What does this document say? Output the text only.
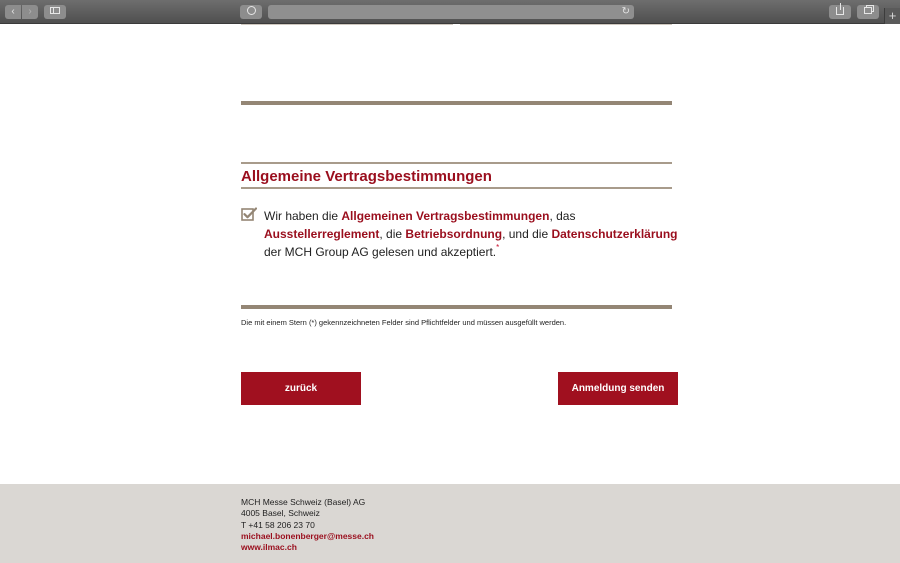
‹	›	↻	+
Allgemeine Vertragsbestimmungen

Wir haben die Allgemeinen Vertragsbestimmungen, das Ausstellerreglement, die Betriebsordnung, und die Datenschutzerklärung der MCH Group AG gelesen und akzeptiert.*

Die mit einem Stern (*) gekennzeichneten Felder sind Pflichtfelder und müssen ausgefüllt werden.

zurück	Anmeldung senden
MCH Messe Schweiz (Basel) AG
4005 Basel, Schweiz
T +41 58 206 23 70
michael.bonenberger@messe.ch
www.ilmac.ch
